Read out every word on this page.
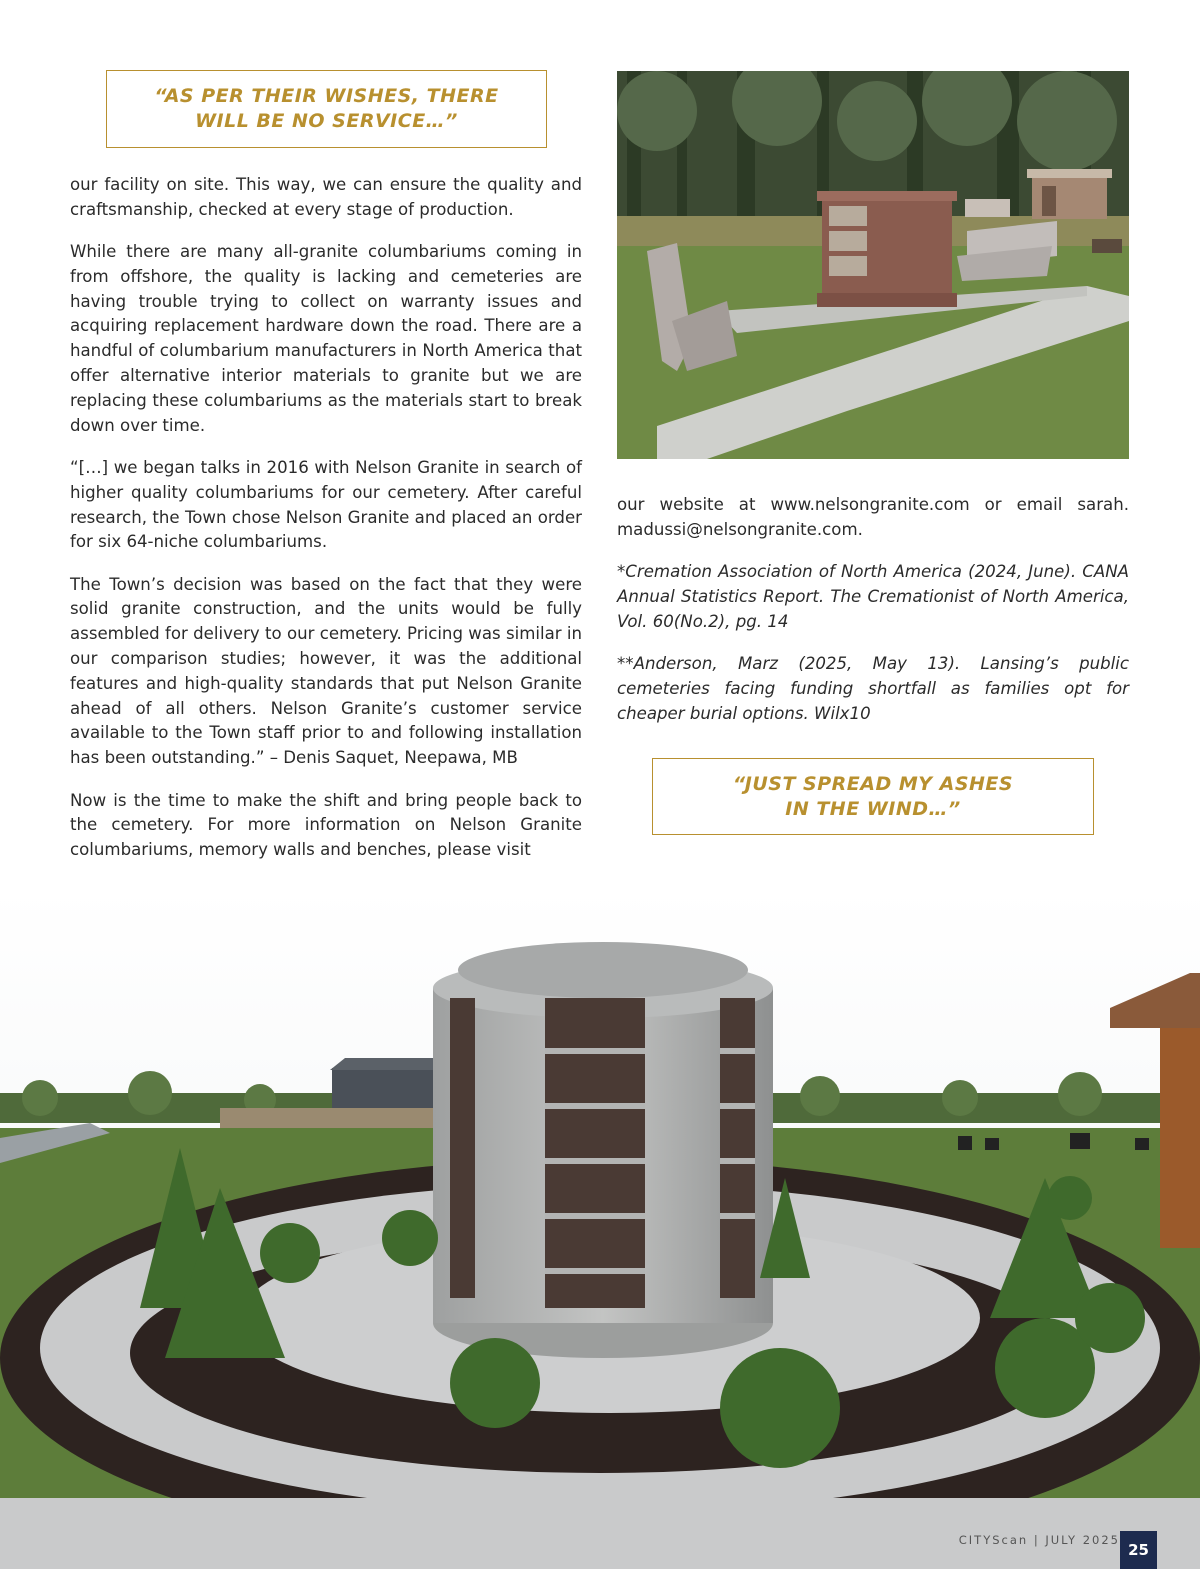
“AS PER THEIR WISHES, THERE
WILL BE NO SERVICE…”

our facility on site. This way, we can ensure the quality and craftsmanship, checked at every stage of production.

While there are many all-granite columbariums coming in from offshore, the quality is lacking and cemeteries are having trouble trying to collect on warranty issues and acquiring replacement hardware down the road. There are a handful of columbarium manufacturers in North America that offer alternative interior materials to granite but we are replacing these columbariums as the materials start to break down over time.

“[…] we began talks in 2016 with Nelson Granite in search of higher quality columbariums for our cemetery. After careful research, the Town chose Nelson Granite and placed an order for six 64-niche columbariums.

The Town’s decision was based on the fact that they were solid granite construction, and the units would be fully assembled for delivery to our cemetery. Pricing was similar in our comparison studies; however, it was the additional features and high-quality standards that put Nelson Granite ahead of all others. Nelson Granite’s customer service available to the Town staff prior to and following installation has been outstanding.” – Denis Saquet, Neepawa, MB

Now is the time to make the shift and bring people back to the cemetery. For more information on Nelson Granite columbariums, memory walls and benches, please visit

our website at www.nelsongranite.com or email sarah. madussi@nelsongranite.com.

*Cremation Association of North America (2024, June). CANA Annual Statistics Report. The Cremationist of North America, Vol. 60(No.2), pg. 14

**Anderson, Marz (2025, May 13). Lansing’s public cemeteries facing funding shortfall as families opt for cheaper burial options. Wilx10

“JUST SPREAD MY ASHES
IN THE WIND…”
CITYScan | JULY 2025
25
